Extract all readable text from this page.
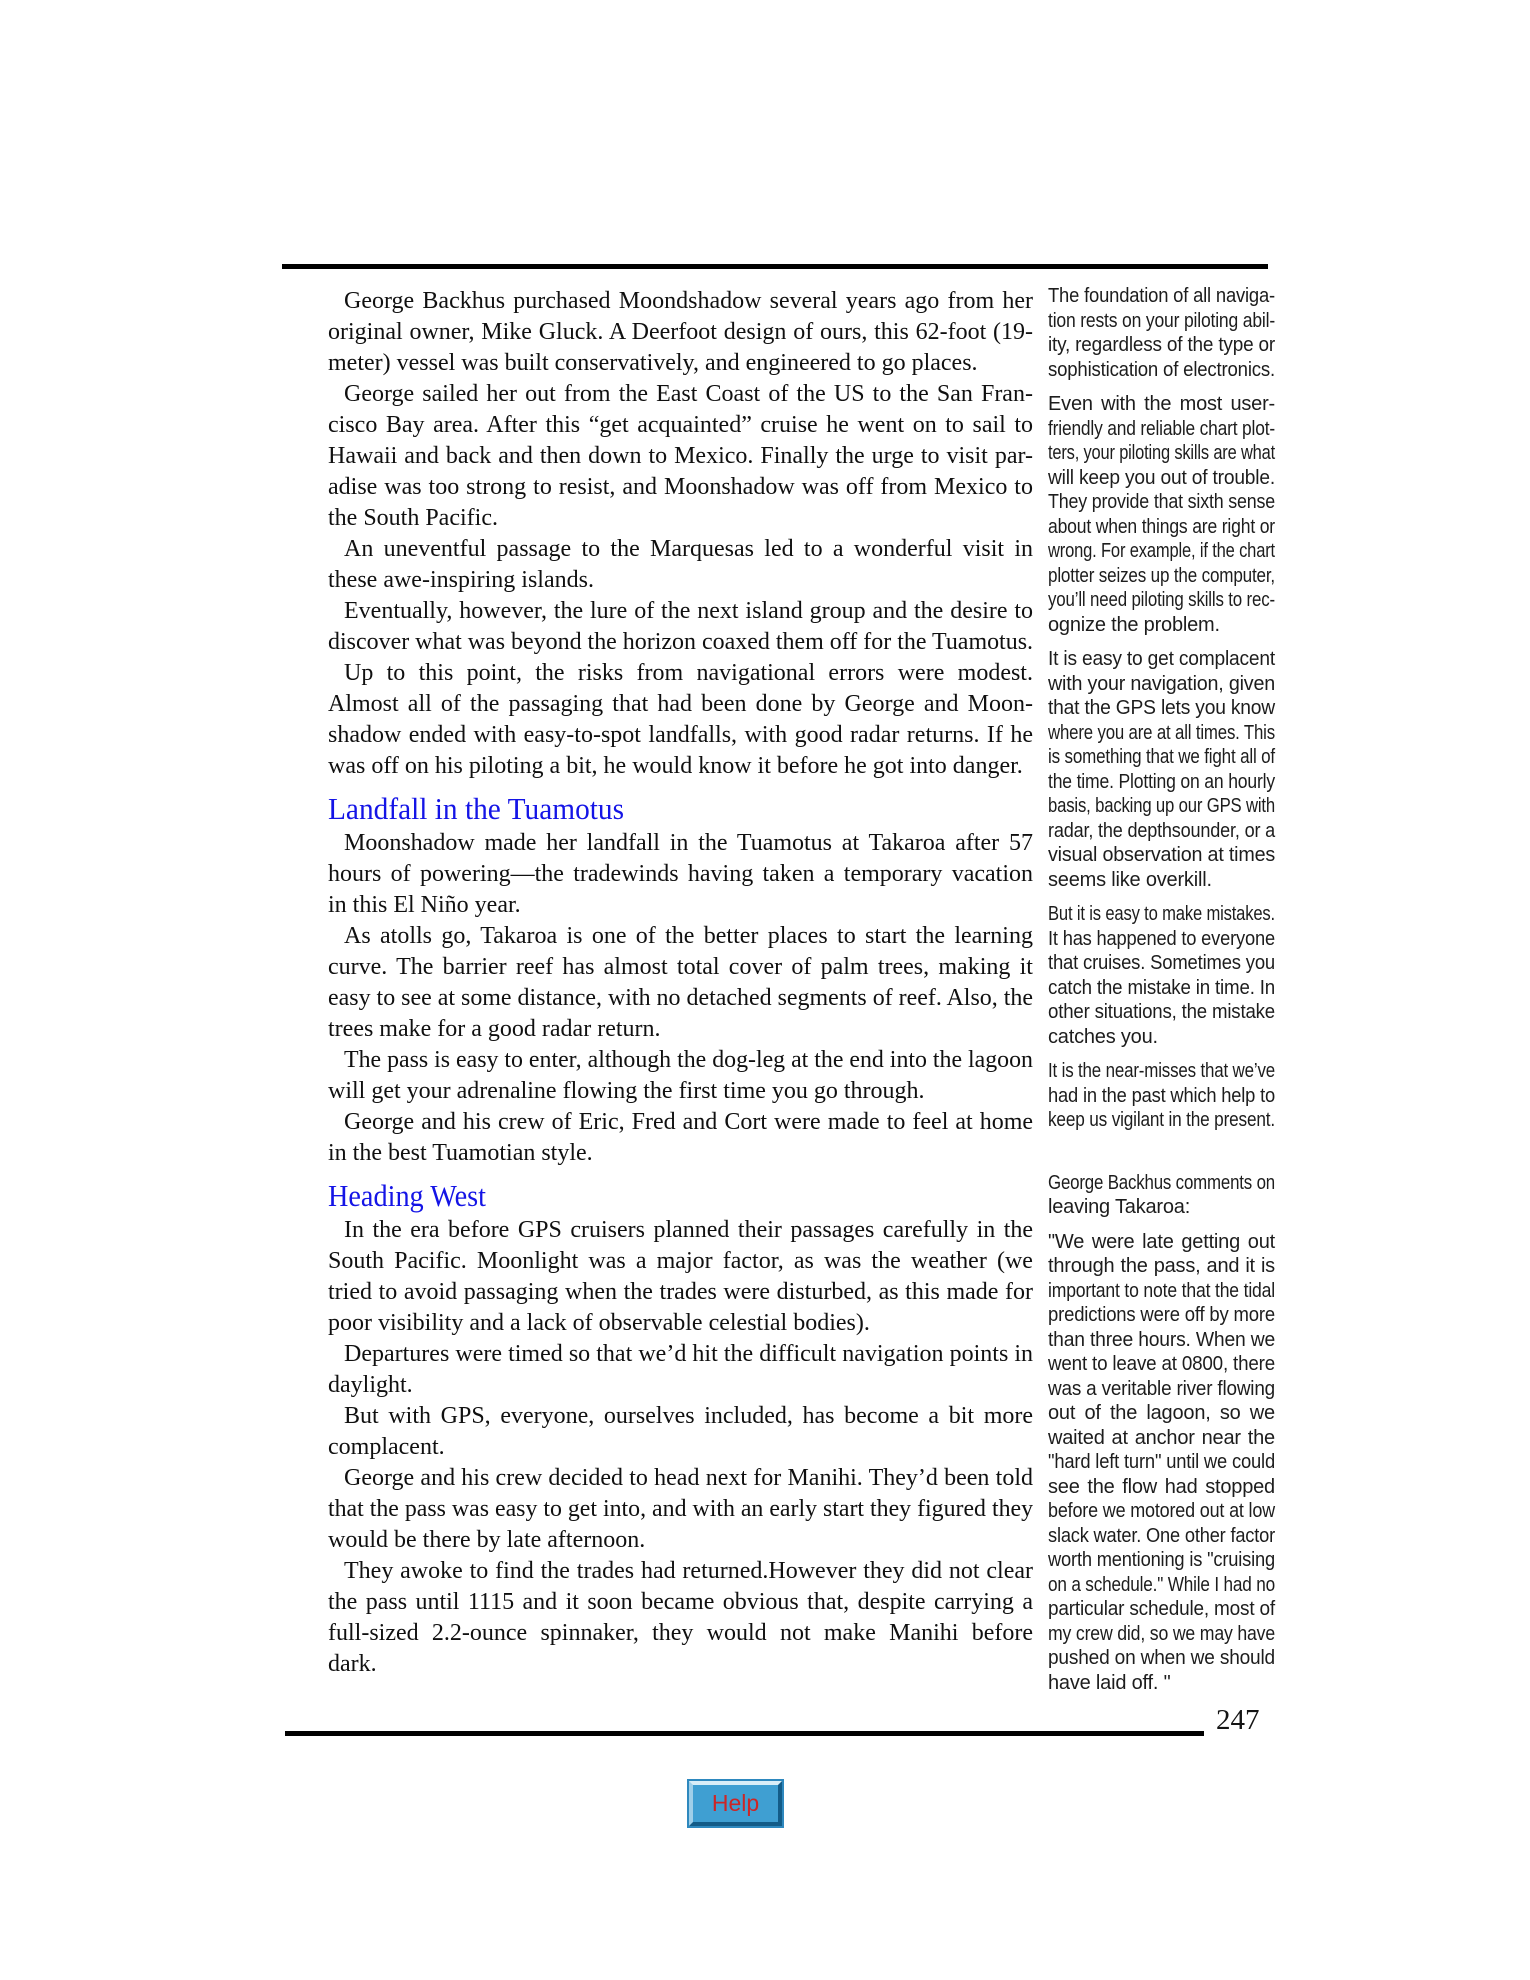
George Backhus purchased Moondshadow several years ago from her
original owner, Mike Gluck. A Deerfoot design of ours, this 62-foot (19-
meter) vessel was built conservatively, and engineered to go places.
George sailed her out from the East Coast of the US to the San Fran-
cisco Bay area. After this “get acquainted” cruise he went on to sail to
Hawaii and back and then down to Mexico. Finally the urge to visit par-
adise was too strong to resist, and Moonshadow was off from Mexico to
the South Pacific.
An uneventful passage to the Marquesas led to a wonderful visit in
these awe-inspiring islands.
Eventually, however, the lure of the next island group and the desire to
discover what was beyond the horizon coaxed them off for the Tuamotus.
Up to this point, the risks from navigational errors were modest.
Almost all of the passaging that had been done by George and Moon-
shadow ended with easy-to-spot landfalls, with good radar returns. If he
was off on his piloting a bit, he would know it before he got into danger.
Landfall in the Tuamotus
Moonshadow made her landfall in the Tuamotus at Takaroa after 57
hours of powering—the tradewinds having taken a temporary vacation
in this El Niño year.
As atolls go, Takaroa is one of the better places to start the learning
curve. The barrier reef has almost total cover of palm trees, making it
easy to see at some distance, with no detached segments of reef. Also, the
trees make for a good radar return.
The pass is easy to enter, although the dog-leg at the end into the lagoon
will get your adrenaline flowing the first time you go through.
George and his crew of Eric, Fred and Cort were made to feel at home
in the best Tuamotian style.
Heading West
In the era before GPS cruisers planned their passages carefully in the
South Pacific. Moonlight was a major factor, as was the weather (we
tried to avoid passaging when the trades were disturbed, as this made for
poor visibility and a lack of observable celestial bodies).
Departures were timed so that we’d hit the difficult navigation points in
daylight.
But with GPS, everyone, ourselves included, has become a bit more
complacent.
George and his crew decided to head next for Manihi. They’d been told
that the pass was easy to get into, and with an early start they figured they
would be there by late afternoon.
They awoke to find the trades had returned.However they did not clear
the pass until 1115 and it soon became obvious that, despite carrying a
full-sized 2.2-ounce spinnaker, they would not make Manihi before
dark.
The foundation of all naviga-
tion rests on your piloting abil-
ity, regardless of the type or
sophistication of electronics.
Even with the most user-
friendly and reliable chart plot-
ters, your piloting skills are what
will keep you out of trouble.
They provide that sixth sense
about when things are right or
wrong. For example, if the chart
plotter seizes up the computer,
you’ll need piloting skills to rec-
ognize the problem.
It is easy to get complacent
with your navigation, given
that the GPS lets you know
where you are at all times. This
is something that we fight all of
the time. Plotting on an hourly
basis, backing up our GPS with
radar, the depthsounder, or a
visual observation at times
seems like overkill.
But it is easy to make mistakes.
It has happened to everyone
that cruises. Sometimes you
catch the mistake in time. In
other situations, the mistake
catches you.
It is the near-misses that we’ve
had in the past which help to
keep us vigilant in the present.
George Backhus comments on
leaving Takaroa:
"We were late getting out
through the pass, and it is
important to note that the tidal
predictions were off by more
than three hours. When we
went to leave at 0800, there
was a veritable river flowing
out of the lagoon, so we
waited at anchor near the
"hard left turn" until we could
see the flow had stopped
before we motored out at low
slack water. One other factor
worth mentioning is "cruising
on a schedule." While I had no
particular schedule, most of
my crew did, so we may have
pushed on when we should
have laid off. "
247
Help
